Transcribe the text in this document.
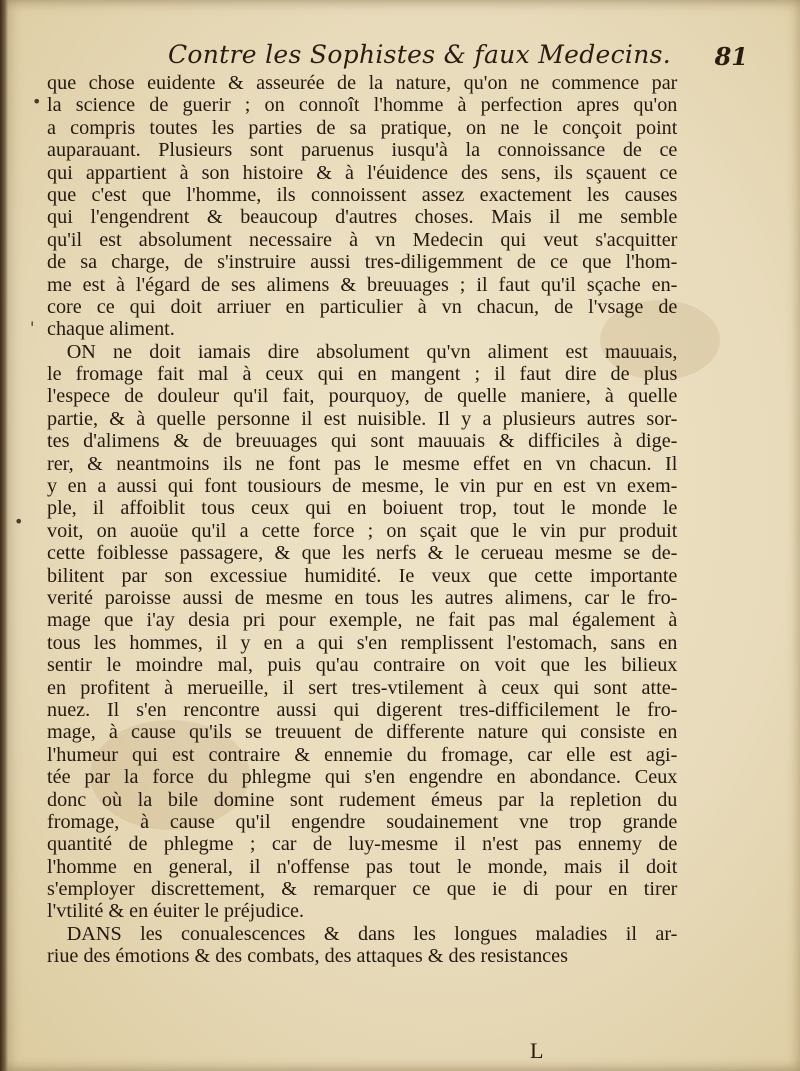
Contre les Sophistes & faux Medecins. 81
•
'
•
que chose euidente & asseurée de la nature, qu'on ne commence par
la science de guerir ; on connoît l'homme à perfection apres qu'on
a compris toutes les parties de sa pratique, on ne le conçoit point
auparauant. Plusieurs sont paruenus iusqu'à la connoissance de ce
qui appartient à son histoire & à l'éuidence des sens, ils sçauent ce
que c'est que l'homme, ils connoissent assez exactement les causes
qui l'engendrent & beaucoup d'autres choses. Mais il me semble
qu'il est absolument necessaire à vn Medecin qui veut s'acquitter
de sa charge, de s'instruire aussi tres-diligemment de ce que l'hom-
me est à l'égard de ses alimens & breuuages ; il faut qu'il sçache en-
core ce qui doit arriuer en particulier à vn chacun, de l'vsage de
chaque aliment.
ON ne doit iamais dire absolument qu'vn aliment est mauuais,
le fromage fait mal à ceux qui en mangent ; il faut dire de plus
l'espece de douleur qu'il fait, pourquoy, de quelle maniere, à quelle
partie, & à quelle personne il est nuisible. Il y a plusieurs autres sor-
tes d'alimens & de breuuages qui sont mauuais & difficiles à dige-
rer, & neantmoins ils ne font pas le mesme effet en vn chacun. Il
y en a aussi qui font tousiours de mesme, le vin pur en est vn exem-
ple, il affoiblit tous ceux qui en boiuent trop, tout le monde le
voit, on auoüe qu'il a cette force ; on sçait que le vin pur produit
cette foiblesse passagere, & que les nerfs & le cerueau mesme se de-
bilitent par son excessiue humidité. Ie veux que cette importante
verité paroisse aussi de mesme en tous les autres alimens, car le fro-
mage que i'ay desia pri pour exemple, ne fait pas mal également à
tous les hommes, il y en a qui s'en remplissent l'estomach, sans en
sentir le moindre mal, puis qu'au contraire on voit que les bilieux
en profitent à merueille, il sert tres-vtilement à ceux qui sont atte-
nuez. Il s'en rencontre aussi qui digerent tres-difficilement le fro-
mage, à cause qu'ils se treuuent de differente nature qui consiste en
l'humeur qui est contraire & ennemie du fromage, car elle est agi-
tée par la force du phlegme qui s'en engendre en abondance. Ceux
donc où la bile domine sont rudement émeus par la repletion du
fromage, à cause qu'il engendre soudainement vne trop grande
quantité de phlegme ; car de luy-mesme il n'est pas ennemy de
l'homme en general, il n'offense pas tout le monde, mais il doit
s'employer discrettement, & remarquer ce que ie di pour en tirer
l'vtilité & en éuiter le préjudice.
DANS les conualescences & dans les longues maladies il ar-
riue des émotions & des combats, des attaques & des resistances
L
